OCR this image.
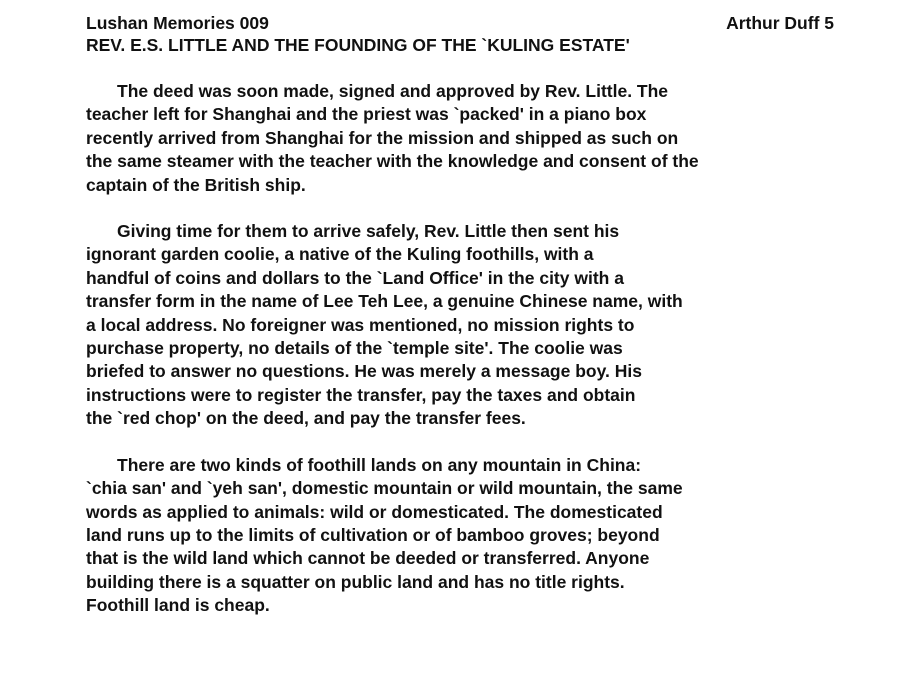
Lushan Memories 009	Arthur Duff 5
REV. E.S. LITTLE AND THE FOUNDING OF THE `KULING ESTATE'
The deed was soon made, signed and approved by Rev. Little. The
teacher left for Shanghai and the priest was `packed' in a piano box
recently arrived from Shanghai for the mission and shipped as such on
the same steamer with the teacher with the knowledge and consent of the
captain of the British ship.
Giving time for them to arrive safely, Rev. Little then sent his
ignorant garden coolie, a native of the Kuling foothills, with a
handful of coins and dollars to the `Land Office' in the city with a
transfer form in the name of Lee Teh Lee, a genuine Chinese name, with
a local address. No foreigner was mentioned, no mission rights to
purchase property, no details of the `temple site'. The coolie was
briefed to answer no questions. He was merely a message boy. His
instructions were to register the transfer, pay the taxes and obtain
the `red chop' on the deed, and pay the transfer fees.
There are two kinds of foothill lands on any mountain in China:
`chia san' and `yeh san', domestic mountain or wild mountain, the same
words as applied to animals: wild or domesticated. The domesticated
land runs up to the limits of cultivation or of bamboo groves; beyond
that is the wild land which cannot be deeded or transferred. Anyone
building there is a squatter on public land and has no title rights.
Foothill land is cheap.
